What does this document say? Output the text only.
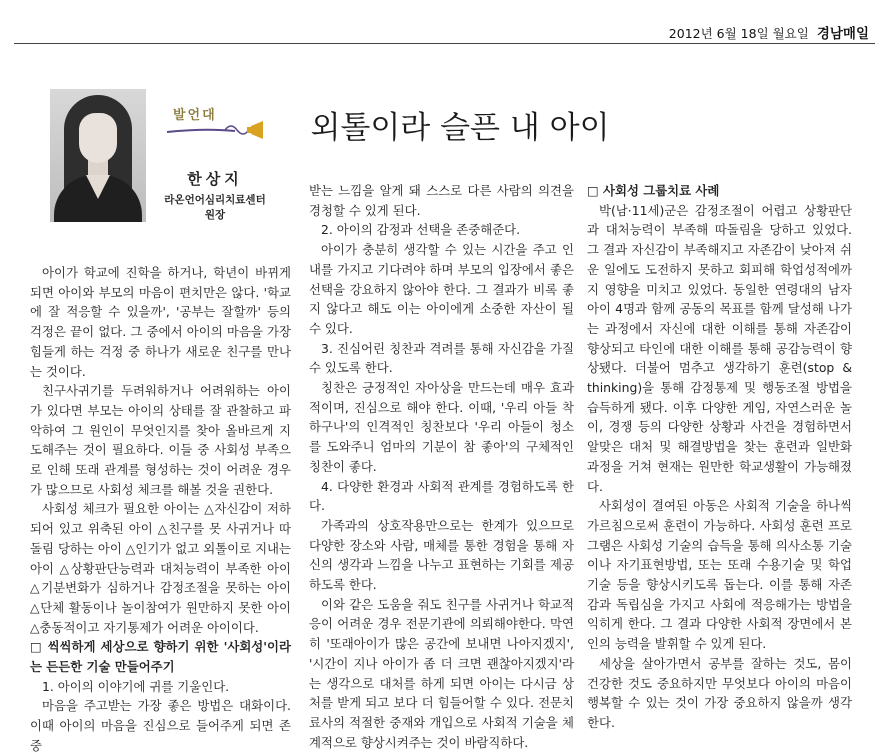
2012년 6월 18일 월요일 경남매일
발언대
한상지
라온언어심리치료센터
원장
외톨이라 슬픈 내 아이

아이가 학교에 진학을 하거나, 학년이 바뀌게 되면 아이와 부모의 마음이 편치만은 않다. '학교에 잘 적응할 수 있을까', '공부는 잘할까' 등의 걱정은 끝이 없다. 그 중에서 아이의 마음을 가장 힘들게 하는 걱정 중 하나가 새로운 친구를 만나는 것이다.

친구사귀기를 두려워하거나 어려워하는 아이가 있다면 부모는 아이의 상태를 잘 관찰하고 파악하여 그 원인이 무엇인지를 찾아 올바르게 지도해주는 것이 필요하다. 이들 중 사회성 부족으로 인해 또래 관계를 형성하는 것이 어려운 경우가 많으므로 사회성 체크를 해볼 것을 권한다.

사회성 체크가 필요한 아이는 △자신감이 저하되어 있고 위축된 아이 △친구를 못 사귀거나 따돌림 당하는 아이 △인기가 없고 외톨이로 지내는 아이 △상황판단능력과 대처능력이 부족한 아이 △기분변화가 심하거나 감정조절을 못하는 아이 △단체 활동이나 놀이참여가 원만하지 못한 아이 △충동적이고 자기통제가 어려운 아이이다.

□ 씩씩하게 세상으로 향하기 위한 '사회성'이라는 든든한 기술 만들어주기

1. 아이의 이야기에 귀를 기울인다.

마음을 주고받는 가장 좋은 방법은 대화이다. 이때 아이의 마음을 진심으로 들어주게 되면 존중

받는 느낌을 알게 돼 스스로 다른 사람의 의견을 경청할 수 있게 된다.

2. 아이의 감정과 선택을 존중해준다.

아이가 충분히 생각할 수 있는 시간을 주고 인내를 가지고 기다려야 하며 부모의 입장에서 좋은 선택을 강요하지 않아야 한다. 그 결과가 비록 좋지 않다고 해도 이는 아이에게 소중한 자산이 될 수 있다.

3. 진심어린 칭찬과 격려를 통해 자신감을 가질 수 있도록 한다.

칭찬은 긍정적인 자아상을 만드는데 매우 효과적이며, 진심으로 해야 한다. 이때, '우리 아들 착하구나'의 인격적인 칭찬보다 '우리 아들이 청소를 도와주니 엄마의 기분이 참 좋아'의 구체적인 칭찬이 좋다.

4. 다양한 환경과 사회적 관계를 경험하도록 한다.

가족과의 상호작용만으로는 한계가 있으므로 다양한 장소와 사람, 매체를 통한 경험을 통해 자신의 생각과 느낌을 나누고 표현하는 기회를 제공하도록 한다.

이와 같은 도움을 줘도 친구를 사귀거나 학교적응이 어려운 경우 전문기관에 의뢰해야한다. 막연히 '또래아이가 많은 공간에 보내면 나아지겠지', '시간이 지나 아이가 좀 더 크면 괜찮아지겠지'라는 생각으로 대처를 하게 되면 아이는 다시금 상처를 받게 되고 보다 더 힘들어할 수 있다. 전문치료사의 적절한 중재와 개입으로 사회적 기술을 체계적으로 향상시켜주는 것이 바람직하다.

□ 사회성 그룹치료 사례

박(남·11세)군은 감정조절이 어렵고 상황판단과 대처능력이 부족해 따돌림을 당하고 있었다. 그 결과 자신감이 부족해지고 자존감이 낮아져 쉬운 일에도 도전하지 못하고 회피해 학업성적에까지 영향을 미치고 있었다. 동일한 연령대의 남자아이 4명과 함께 공동의 목표를 함께 달성해 나가는 과정에서 자신에 대한 이해를 통해 자존감이 향상되고 타인에 대한 이해를 통해 공감능력이 향상됐다. 더불어 멈추고 생각하기 훈련(stop & thinking)을 통해 감정통제 및 행동조절 방법을 습득하게 됐다. 이후 다양한 게임, 자연스러운 놀이, 경쟁 등의 다양한 상황과 사건을 경험하면서 알맞은 대처 및 해결방법을 찾는 훈련과 일반화 과정을 거쳐 현재는 원만한 학교생활이 가능해졌다.

사회성이 결여된 아동은 사회적 기술을 하나씩 가르침으로써 훈련이 가능하다. 사회성 훈련 프로그램은 사회성 기술의 습득을 통해 의사소통 기술이나 자기표현방법, 또는 또래 수용기술 및 학업기술 등을 향상시키도록 돕는다. 이를 통해 자존감과 독립심을 가지고 사회에 적응해가는 방법을 익히게 한다. 그 결과 다양한 사회적 장면에서 본인의 능력을 발휘할 수 있게 된다.

세상을 살아가면서 공부를 잘하는 것도, 몸이 건강한 것도 중요하지만 무엇보다 아이의 마음이 행복할 수 있는 것이 가장 중요하지 않을까 생각한다.
